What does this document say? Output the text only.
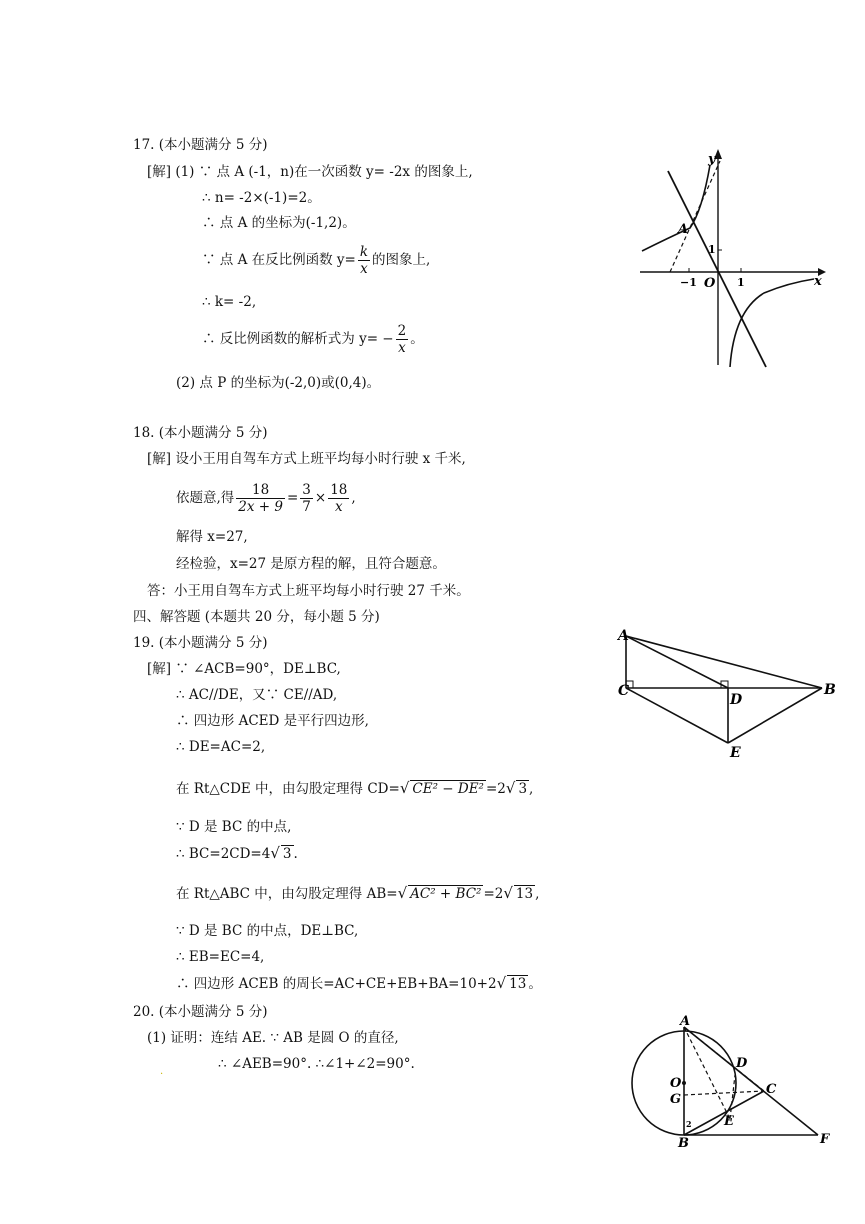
17. (本小题满分 5 分)
[解] (1) ∵ 点 A (-1，n)在一次函数 y= -2x 的图象上,
∴ n= -2×(-1)=2。
∴ 点 A 的坐标为(-1,2)。
∵ 点 A 在反比例函数 $y= \frac{k}{x}$ 的图象上,
∴ k= -2,
∴ 反比例函数的解析式为 $y= - \frac{2}{x}$ 。
(2) 点 P 的坐标为(-2,0)或(0,4)。
y
x
A
O
−1	1
1
18. (本小题满分 5 分)
[解] 设小王用自驾车方式上班平均每小时行驶 x 千米,
依题意,得 $\frac{18}{2x + 9} = \frac{3}{7} \times \frac{18}{x}$ ,
解得 x=27,
经检验，x=27 是原方程的解，且符合题意。
答：小王用自驾车方式上班平均每小时行驶 27 千米。
四、解答题 (本题共 20 分，每小题 5 分)
19. (本小题满分 5 分)
[解] ∵ ∠ACB=90°，DE⊥BC,
∴ AC//DE，又∵ CE//AD,
∴ 四边形 ACED 是平行四边形,
∴ DE=AC=2,
在 Rt△CDE 中，由勾股定理得 CD=√ CE² − DE² =2√ 3 ,
∵ D 是 BC 的中点,
∴ BC=2CD=4√ 3 .
在 Rt△ABC 中，由勾股定理得 AB=√ AC² + BC² =2√ 13 ,
∵ D 是 BC 的中点，DE⊥BC,
∴ EB=EC=4,
∴ 四边形 ACEB 的周长=AC+CE+EB+BA=10+2√ 13 。
A
C
D
B
E
20. (本小题满分 5 分)
(1) 证明：连结 AE. ∵ AB 是圆 O 的直径,
∴ ∠AEB=90°. ∴∠1+∠2=90°.
.
A
D
C
O
G
E
B	F
2
